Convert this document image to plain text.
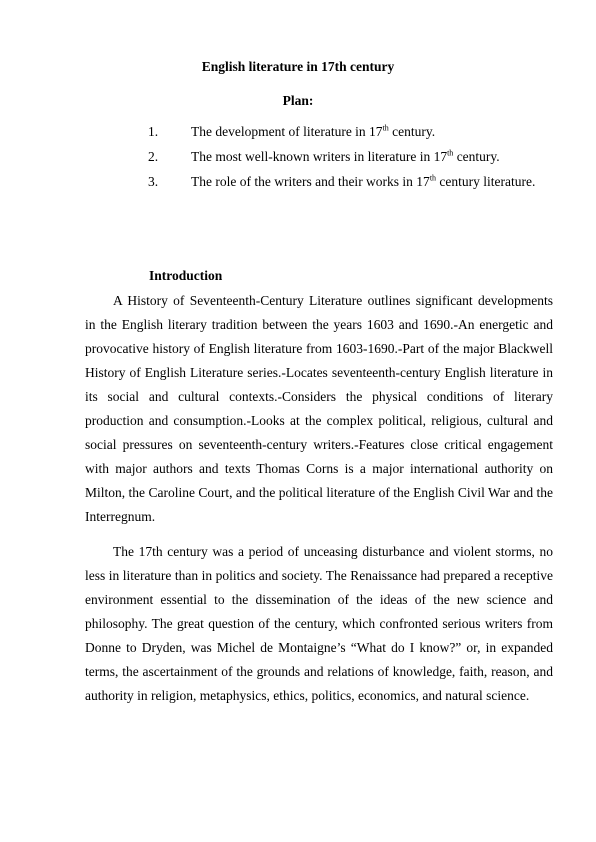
English literature in 17th century
Plan:
1. The development of literature in 17th century.
2. The most well-known writers in literature in 17th century.
3. The role of the writers and their works in 17th century literature.
Introduction

A History of Seventeenth-Century Literature outlines significant developments in the English literary tradition between the years 1603 and 1690.-An energetic and provocative history of English literature from 1603-1690.-Part of the major Blackwell History of English Literature series.-Locates seventeenth-century English literature in its social and cultural contexts.-Considers the physical conditions of literary production and consumption.-Looks at the complex political, religious, cultural and social pressures on seventeenth-century writers.-Features close critical engagement with major authors and texts Thomas Corns is a major international authority on Milton, the Caroline Court, and the political literature of the English Civil War and the Interregnum.

The 17th century was a period of unceasing disturbance and violent storms, no less in literature than in politics and society. The Renaissance had prepared a receptive environment essential to the dissemination of the ideas of the new science and philosophy. The great question of the century, which confronted serious writers from Donne to Dryden, was Michel de Montaigne’s “What do I know?” or, in expanded terms, the ascertainment of the grounds and relations of knowledge, faith, reason, and authority in religion, metaphysics, ethics, politics, economics, and natural science.
